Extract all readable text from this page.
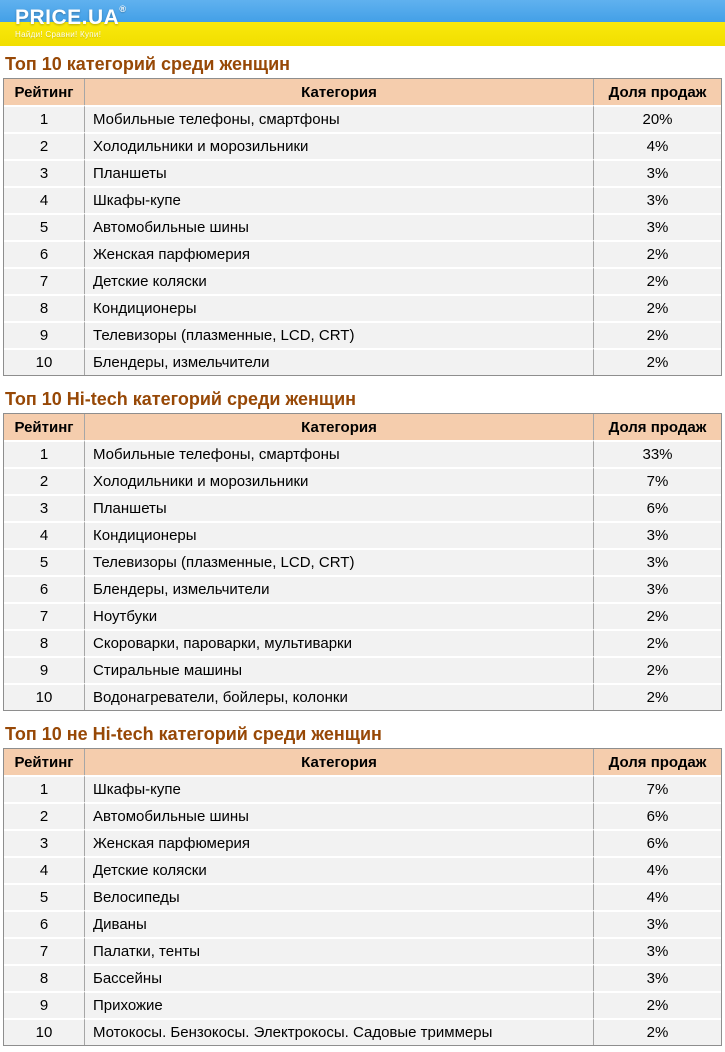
PRICE.UA®
Найди! Сравни! Купи!
Топ 10 категорий среди женщин
Рейтинг	Категория	Доля продаж
1	Мобильные телефоны, смартфоны	20%
2	Холодильники и морозильники	4%
3	Планшеты	3%
4	Шкафы-купе	3%
5	Автомобильные шины	3%
6	Женская парфюмерия	2%
7	Детские коляски	2%
8	Кондиционеры	2%
9	Телевизоры (плазменные, LCD, CRT)	2%
10	Блендеры, измельчители	2%
Топ 10 Hi-tech категорий среди женщин
Рейтинг	Категория	Доля продаж
1	Мобильные телефоны, смартфоны	33%
2	Холодильники и морозильники	7%
3	Планшеты	6%
4	Кондиционеры	3%
5	Телевизоры (плазменные, LCD, CRT)	3%
6	Блендеры, измельчители	3%
7	Ноутбуки	2%
8	Скороварки, пароварки, мультиварки	2%
9	Стиральные машины	2%
10	Водонагреватели, бойлеры, колонки	2%
Топ 10 не Hi-tech категорий среди женщин
Рейтинг	Категория	Доля продаж
1	Шкафы-купе	7%
2	Автомобильные шины	6%
3	Женская парфюмерия	6%
4	Детские коляски	4%
5	Велосипеды	4%
6	Диваны	3%
7	Палатки, тенты	3%
8	Бассейны	3%
9	Прихожие	2%
10	Мотокосы. Бензокосы. Электрокосы. Садовые триммеры	2%
